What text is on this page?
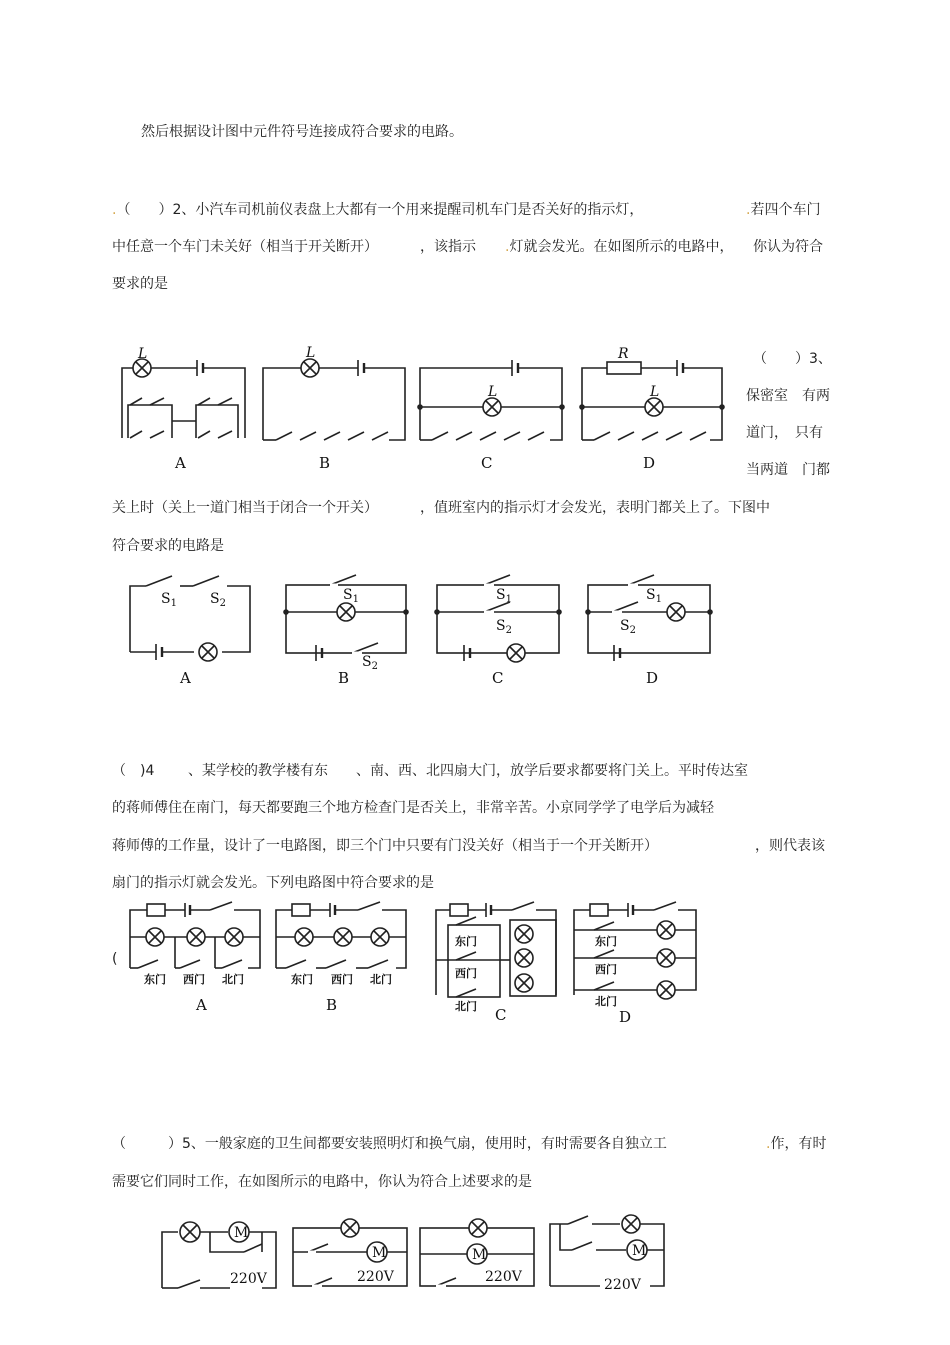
然后根据设计图中元件符号连接成符合要求的电路。
.（　　）2、小汽车司机前仪表盘上大都有一个用来提醒司机车门是否关好的指示灯，	.若四个车门
中任意一个车门未关好（相当于开关断开）	，该指示 .灯就会发光。在如图所示的电路中， 你认为符合
要求的是
（　　）3、
保密室　有两
道门，　只有
当两道　门都
关上时（关上一道门相当于闭合一个开关）	，值班室内的指示灯才会发光，表明门都关上了。下图中
符合要求的电路是
（　)4 、某学校的教学楼有东 、南、西、北四扇大门，放学后要求都要将门关上。平时传达室
的蒋师傅住在南门，每天都要跑三个地方检查门是否关上，非常辛苦。小京同学学了电学后为减轻
蒋师傅的工作量，设计了一电路图，即三个门中只要有门没关好（相当于一个开关断开）	，则代表该
扇门的指示灯就会发光。下列电路图中符合要求的是
(
（　　　）5、一般家庭的卫生间都要安装照明灯和换气扇，使用时，有时需要各自独立工	.作，有时
需要它们同时工作，在如图所示的电路中，你认为符合上述要求的是
L	L
L
R
L
A	B	C	D
$S_1$ $S_2$
$S_1$
$S_2$
$S_1$
$S_2$
$S_1$
$S_2$
A	B	C	D
东门 西门 北门	东门 西门 北门
东门
西门
北门
东门
西门
北门
A	B
C	D
M
M	M	M
220V	220V	220V	220V
